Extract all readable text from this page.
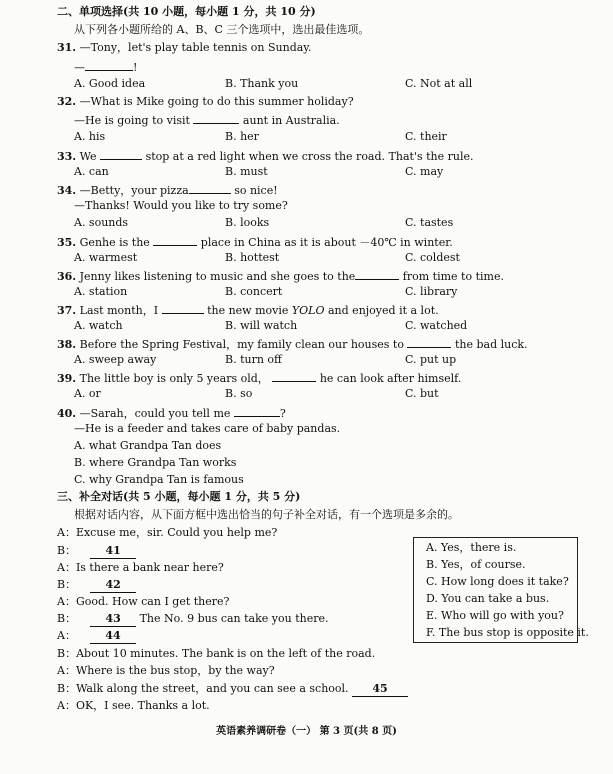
二、单项选择(共 10 小题，每小题 1 分，共 10 分)
从下列各小题所给的 A、B、C 三个选项中，选出最佳选项。
31. —Tony，let's play table tennis on Sunday.
—	!
A. Good idea	B. Thank you	C. Not at all
32. —What is Mike going to do this summer holiday?
—He is going to visit	aunt in Australia.
A. his	B. her	C. their
33. We	stop at a red light when we cross the road. That's the rule.
A. can	B. must	C. may
34. —Betty，your pizza	so nice!
—Thanks! Would you like to try some?
A. sounds	B. looks	C. tastes
35. Genhe is the	place in China as it is about －40℃ in winter.
A. warmest	B. hottest	C. coldest
36. Jenny likes listening to music and she goes to the	from time to time.
A. station	B. concert	C. library
37. Last month，I	the new movie YOLO and enjoyed it a lot.
A. watch	B. will watch	C. watched
38. Before the Spring Festival，my family clean our houses to	the bad luck.
A. sweep away	B. turn off	C. put up
39. The little boy is only 5 years old，	he can look after himself.
A. or	B. so	C. but
40. —Sarah，could you tell me	?
—He is a feeder and takes care of baby pandas.
A. what Grandpa Tan does
B. where Grandpa Tan works
C. why Grandpa Tan is famous
三、补全对话(共 5 小题，每小题 1 分，共 5 分)
根据对话内容，从下面方框中选出恰当的句子补全对话，有一个选项是多余的。
A：Excuse me，sir. Could you help me?
B：	41
A：Is there a bank near here?
B：	42
A：Good. How can I get there?
B：	43 The No. 9 bus can take you there.
A：	44
B：About 10 minutes. The bank is on the left of the road.
A：Where is the bus stop，by the way?
B：Walk along the street，and you can see a school. 45
A：OK，I see. Thanks a lot.
A. Yes，there is.
B. Yes，of course.
C. How long does it take?
D. You can take a bus.
E. Who will go with you?
F. The bus stop is opposite it.
英语素养调研卷（一） 第 3 页(共 8 页)
